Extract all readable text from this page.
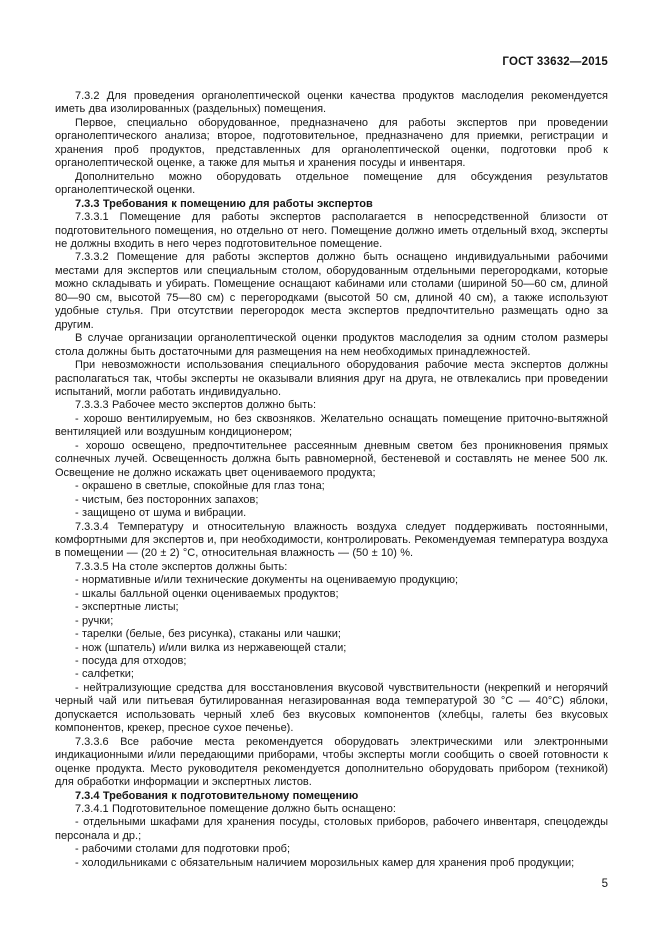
ГОСТ 33632—2015

7.3.2 Для проведения органолептической оценки качества продуктов маслоделия рекомендуется иметь два изолированных (раздельных) помещения.

Первое, специально оборудованное, предназначено для работы экспертов при проведении органолептического анализа; второе, подготовительное, предназначено для приемки, регистрации и хранения проб продуктов, представленных для органолептической оценки, подготовки проб к органолептической оценке, а также для мытья и хранения посуды и инвентаря.

Дополнительно можно оборудовать отдельное помещение для обсуждения результатов органолептической оценки.

7.3.3 Требования к помещению для работы экспертов

7.3.3.1 Помещение для работы экспертов располагается в непосредственной близости от подготовительного помещения, но отдельно от него. Помещение должно иметь отдельный вход, эксперты не должны входить в него через подготовительное помещение.

7.3.3.2 Помещение для работы экспертов должно быть оснащено индивидуальными рабочими местами для экспертов или специальным столом, оборудованным отдельными перегородками, которые можно складывать и убирать. Помещение оснащают кабинами или столами (шириной 50—60 см, длиной 80—90 см, высотой 75—80 см) с перегородками (высотой 50 см, длиной 40 см), а также используют удобные стулья. При отсутствии перегородок места экспертов предпочтительно размещать одно за другим.

В случае организации органолептической оценки продуктов маслоделия за одним столом размеры стола должны быть достаточными для размещения на нем необходимых принадлежностей.

При невозможности использования специального оборудования рабочие места экспертов должны располагаться так, чтобы эксперты не оказывали влияния друг на друга, не отвлекались при проведении испытаний, могли работать индивидуально.

7.3.3.3 Рабочее место экспертов должно быть:

- хорошо вентилируемым, но без сквозняков. Желательно оснащать помещение приточно-вытяжной вентиляцией или воздушным кондиционером;

- хорошо освещено, предпочтительнее рассеянным дневным светом без проникновения прямых солнечных лучей. Освещенность должна быть равномерной, бестеневой и составлять не менее 500 лк. Освещение не должно искажать цвет оцениваемого продукта;

- окрашено в светлые, спокойные для глаз тона;

- чистым, без посторонних запахов;

- защищено от шума и вибрации.

7.3.3.4 Температуру и относительную влажность воздуха следует поддерживать постоянными, комфортными для экспертов и, при необходимости, контролировать. Рекомендуемая температура воздуха в помещении — (20 ± 2) °С, относительная влажность — (50 ± 10) %.

7.3.3.5 На столе экспертов должны быть:

- нормативные и/или технические документы на оцениваемую продукцию;

- шкалы балльной оценки оцениваемых продуктов;

- экспертные листы;

- ручки;

- тарелки (белые, без рисунка), стаканы или чашки;

- нож (шпатель) и/или вилка из нержавеющей стали;

- посуда для отходов;

- салфетки;

- нейтрализующие средства для восстановления вкусовой чувствительности (некрепкий и негорячий черный чай или питьевая бутилированная негазированная вода температурой 30 °С — 40°С) яблоки, допускается использовать черный хлеб без вкусовых компонентов (хлебцы, галеты без вкусовых компонентов, крекер, пресное сухое печенье).

7.3.3.6 Все рабочие места рекомендуется оборудовать электрическими или электронными индикационными и/или передающими приборами, чтобы эксперты могли сообщить о своей готовности к оценке продукта. Место руководителя рекомендуется дополнительно оборудовать прибором (техникой) для обработки информации и экспертных листов.

7.3.4 Требования к подготовительному помещению

7.3.4.1 Подготовительное помещение должно быть оснащено:

- отдельными шкафами для хранения посуды, столовых приборов, рабочего инвентаря, спецодежды персонала и др.;

- рабочими столами для подготовки проб;

- холодильниками с обязательным наличием морозильных камер для хранения проб продукции;

5
